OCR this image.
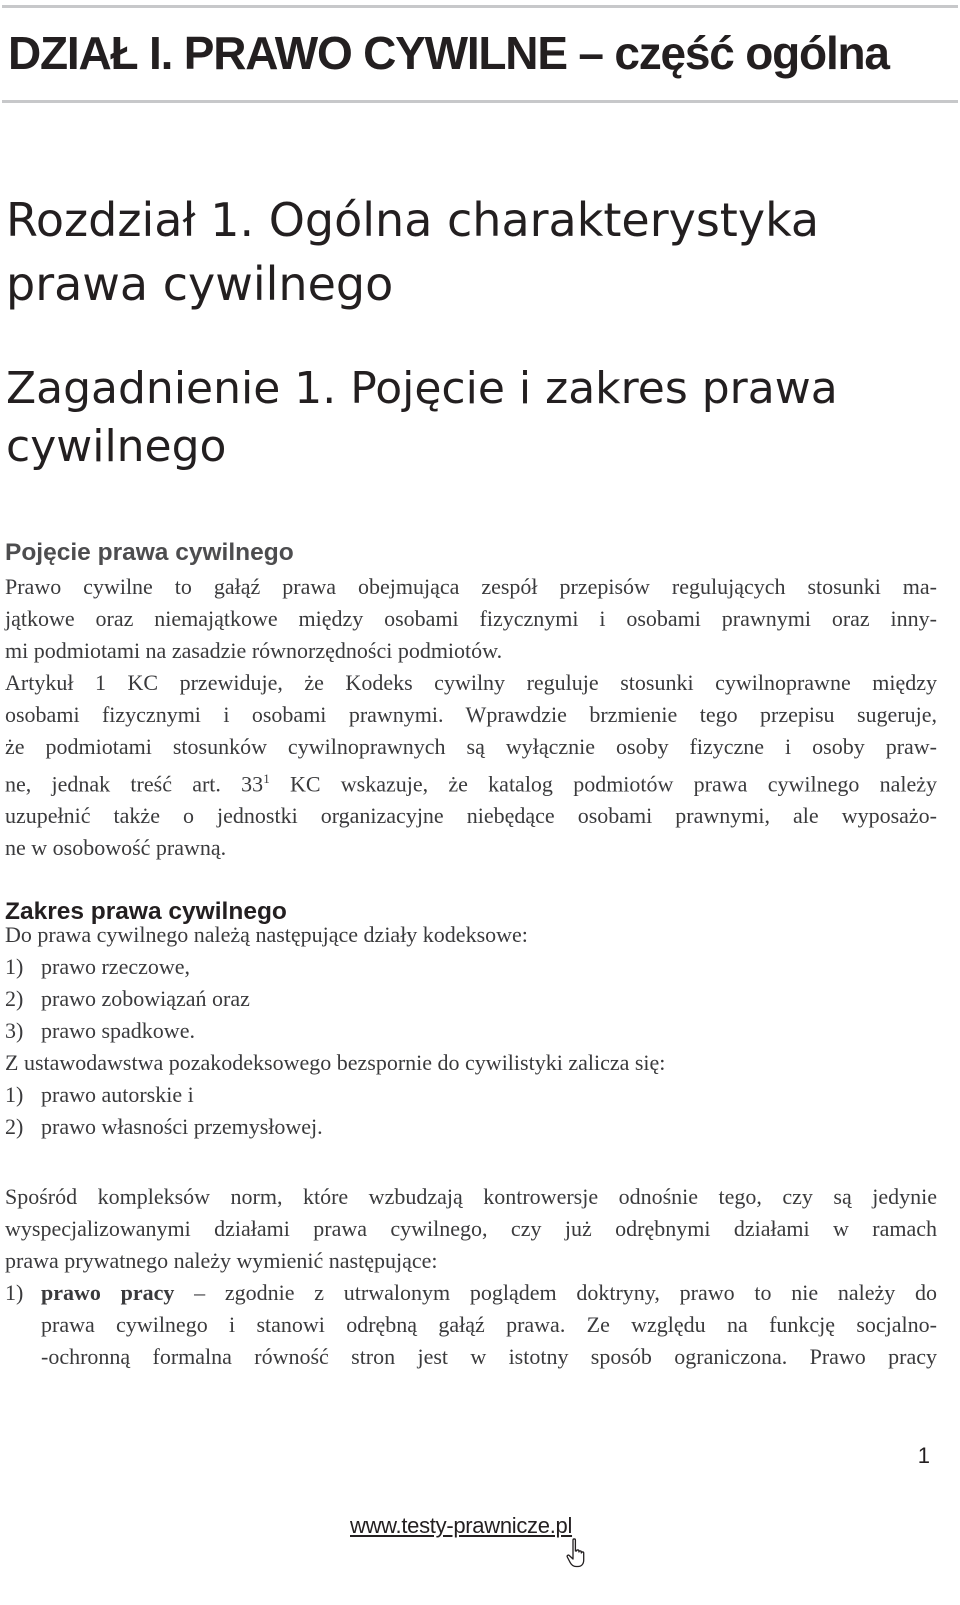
DZIAŁ I. PRAWO CYWILNE – część ogólna
Rozdział 1. Ogólna charakterystyka prawa cywilnego
Zagadnienie 1. Pojęcie i zakres prawa cywilnego
Pojęcie prawa cywilnego
Prawo cywilne to gałąź prawa obejmująca zespół przepisów regulujących stosunki ma-
jątkowe oraz niemajątkowe między osobami fizycznymi i osobami prawnymi oraz inny-
mi podmiotami na zasadzie równorzędności podmiotów.
Artykuł 1 KC przewiduje, że Kodeks cywilny reguluje stosunki cywilnoprawne między
osobami fizycznymi i osobami prawnymi. Wprawdzie brzmienie tego przepisu sugeruje,
że podmiotami stosunków cywilnoprawnych są wyłącznie osoby fizyczne i osoby praw-
ne, jednak treść art. $33^1$ KC wskazuje, że katalog podmiotów prawa cywilnego należy
uzupełnić także o jednostki organizacyjne niebędące osobami prawnymi, ale wyposażo-
ne w osobowość prawną.
Zakres prawa cywilnego
Do prawa cywilnego należą następujące działy kodeksowe:
1) prawo rzeczowe,
2) prawo zobowiązań oraz
3) prawo spadkowe.
Z ustawodawstwa pozakodeksowego bezspornie do cywilistyki zalicza się:
1) prawo autorskie i
2) prawo własności przemysłowej.
Spośród kompleksów norm, które wzbudzają kontrowersje odnośnie tego, czy są jedynie
wyspecjalizowanymi działami prawa cywilnego, czy już odrębnymi działami w ramach
prawa prywatnego należy wymienić następujące:
1) prawo pracy – zgodnie z utrwalonym poglądem doktryny, prawo to nie należy do
prawa cywilnego i stanowi odrębną gałąź prawa. Ze względu na funkcję socjalno-
-ochronną formalna równość stron jest w istotny sposób ograniczona. Prawo pracy
1
www.testy-prawnicze.pl
